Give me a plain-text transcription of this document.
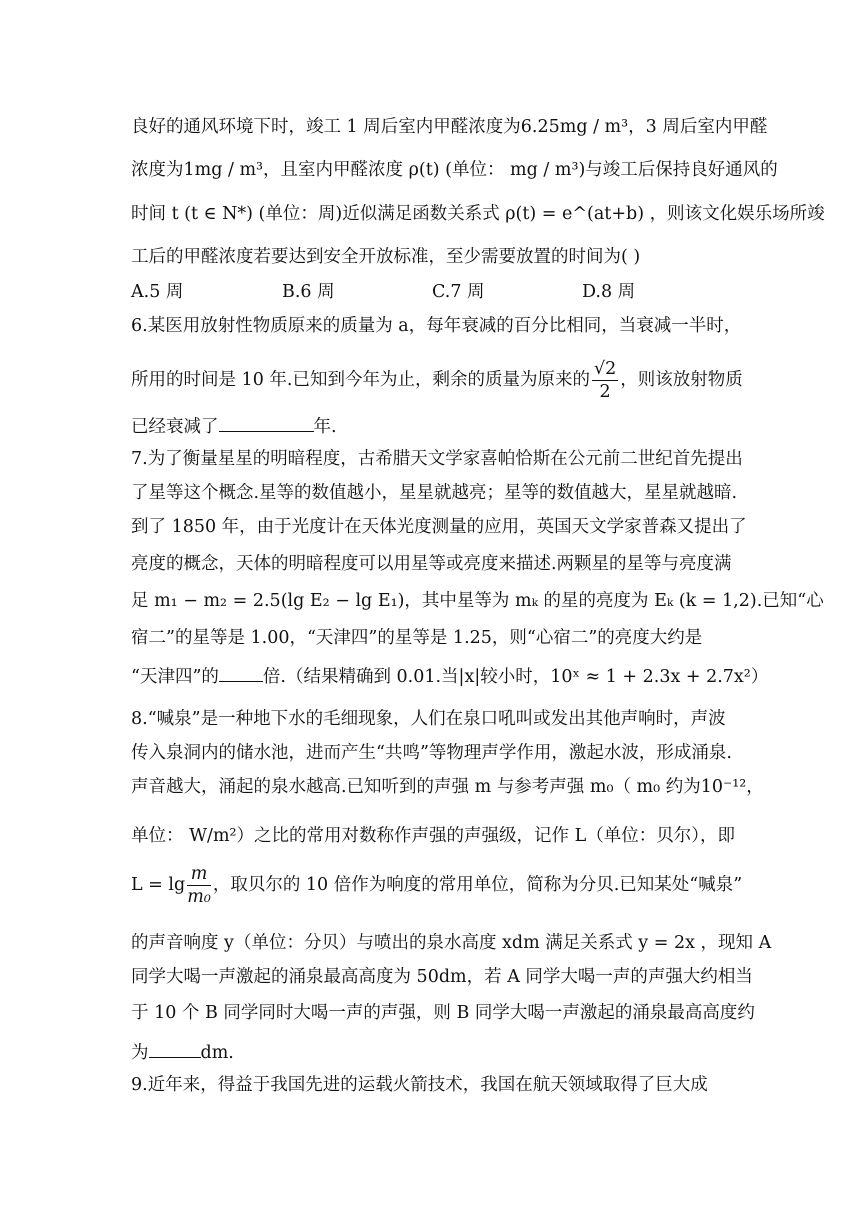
良好的通风环境下时，竣工 1 周后室内甲醛浓度为6.25mg / m³，3 周后室内甲醛
浓度为1mg / m³，且室内甲醛浓度 ρ(t) (单位： mg / m³)与竣工后保持良好通风的
时间 t (t ∈ N*) (单位：周)近似满足函数关系式 ρ(t) = e^(at+b) ，则该文化娱乐场所竣
工后的甲醛浓度若要达到安全开放标准，至少需要放置的时间为( )
A.5 周	B.6 周	C.7 周	D.8 周
6.某医用放射性物质原来的质量为 a，每年衰减的百分比相同，当衰减一半时，
所用的时间是 10 年.已知到今年为止，剩余的质量为原来的 $\frac{√2}{2}$ ，则该放射物质
已经衰减了	年.
7.为了衡量星星的明暗程度，古希腊天文学家喜帕恰斯在公元前二世纪首先提出
了星等这个概念.星等的数值越小，星星就越亮；星等的数值越大，星星就越暗.
到了 1850 年，由于光度计在天体光度测量的应用，英国天文学家普森又提出了
亮度的概念，天体的明暗程度可以用星等或亮度来描述.两颗星的星等与亮度满
足 m₁ − m₂ = 2.5(lg E₂ − lg E₁)，其中星等为 mₖ 的星的亮度为 Eₖ (k = 1,2).已知“心
宿二”的星等是 1.00，“天津四”的星等是 1.25，则“心宿二”的亮度大约是
“天津四”的	倍.（结果精确到 0.01.当|x|较小时，10ˣ ≈ 1 + 2.3x + 2.7x²）
8.“喊泉”是一种地下水的毛细现象，人们在泉口吼叫或发出其他声响时，声波
传入泉洞内的储水池，进而产生“共鸣”等物理声学作用，激起水波，形成涌泉.
声音越大，涌起的泉水越高.已知听到的声强 m 与参考声强 m₀（ m₀ 约为10⁻¹²，
单位： W/m²）之比的常用对数称作声强的声强级，记作 L（单位：贝尔），即
$L = \lg \frac{m}{\text{m₀}}$ ，取贝尔的 10 倍作为响度的常用单位，简称为分贝.已知某处“喊泉”
的声音响度 y（单位：分贝）与喷出的泉水高度 xdm 满足关系式 y = 2x ，现知 A
同学大喝一声激起的涌泉最高高度为 50dm，若 A 同学大喝一声的声强大约相当
于 10 个 B 同学同时大喝一声的声强，则 B 同学大喝一声激起的涌泉最高高度约
为	dm.
9.近年来，得益于我国先进的运载火箭技术，我国在航天领域取得了巨大成
